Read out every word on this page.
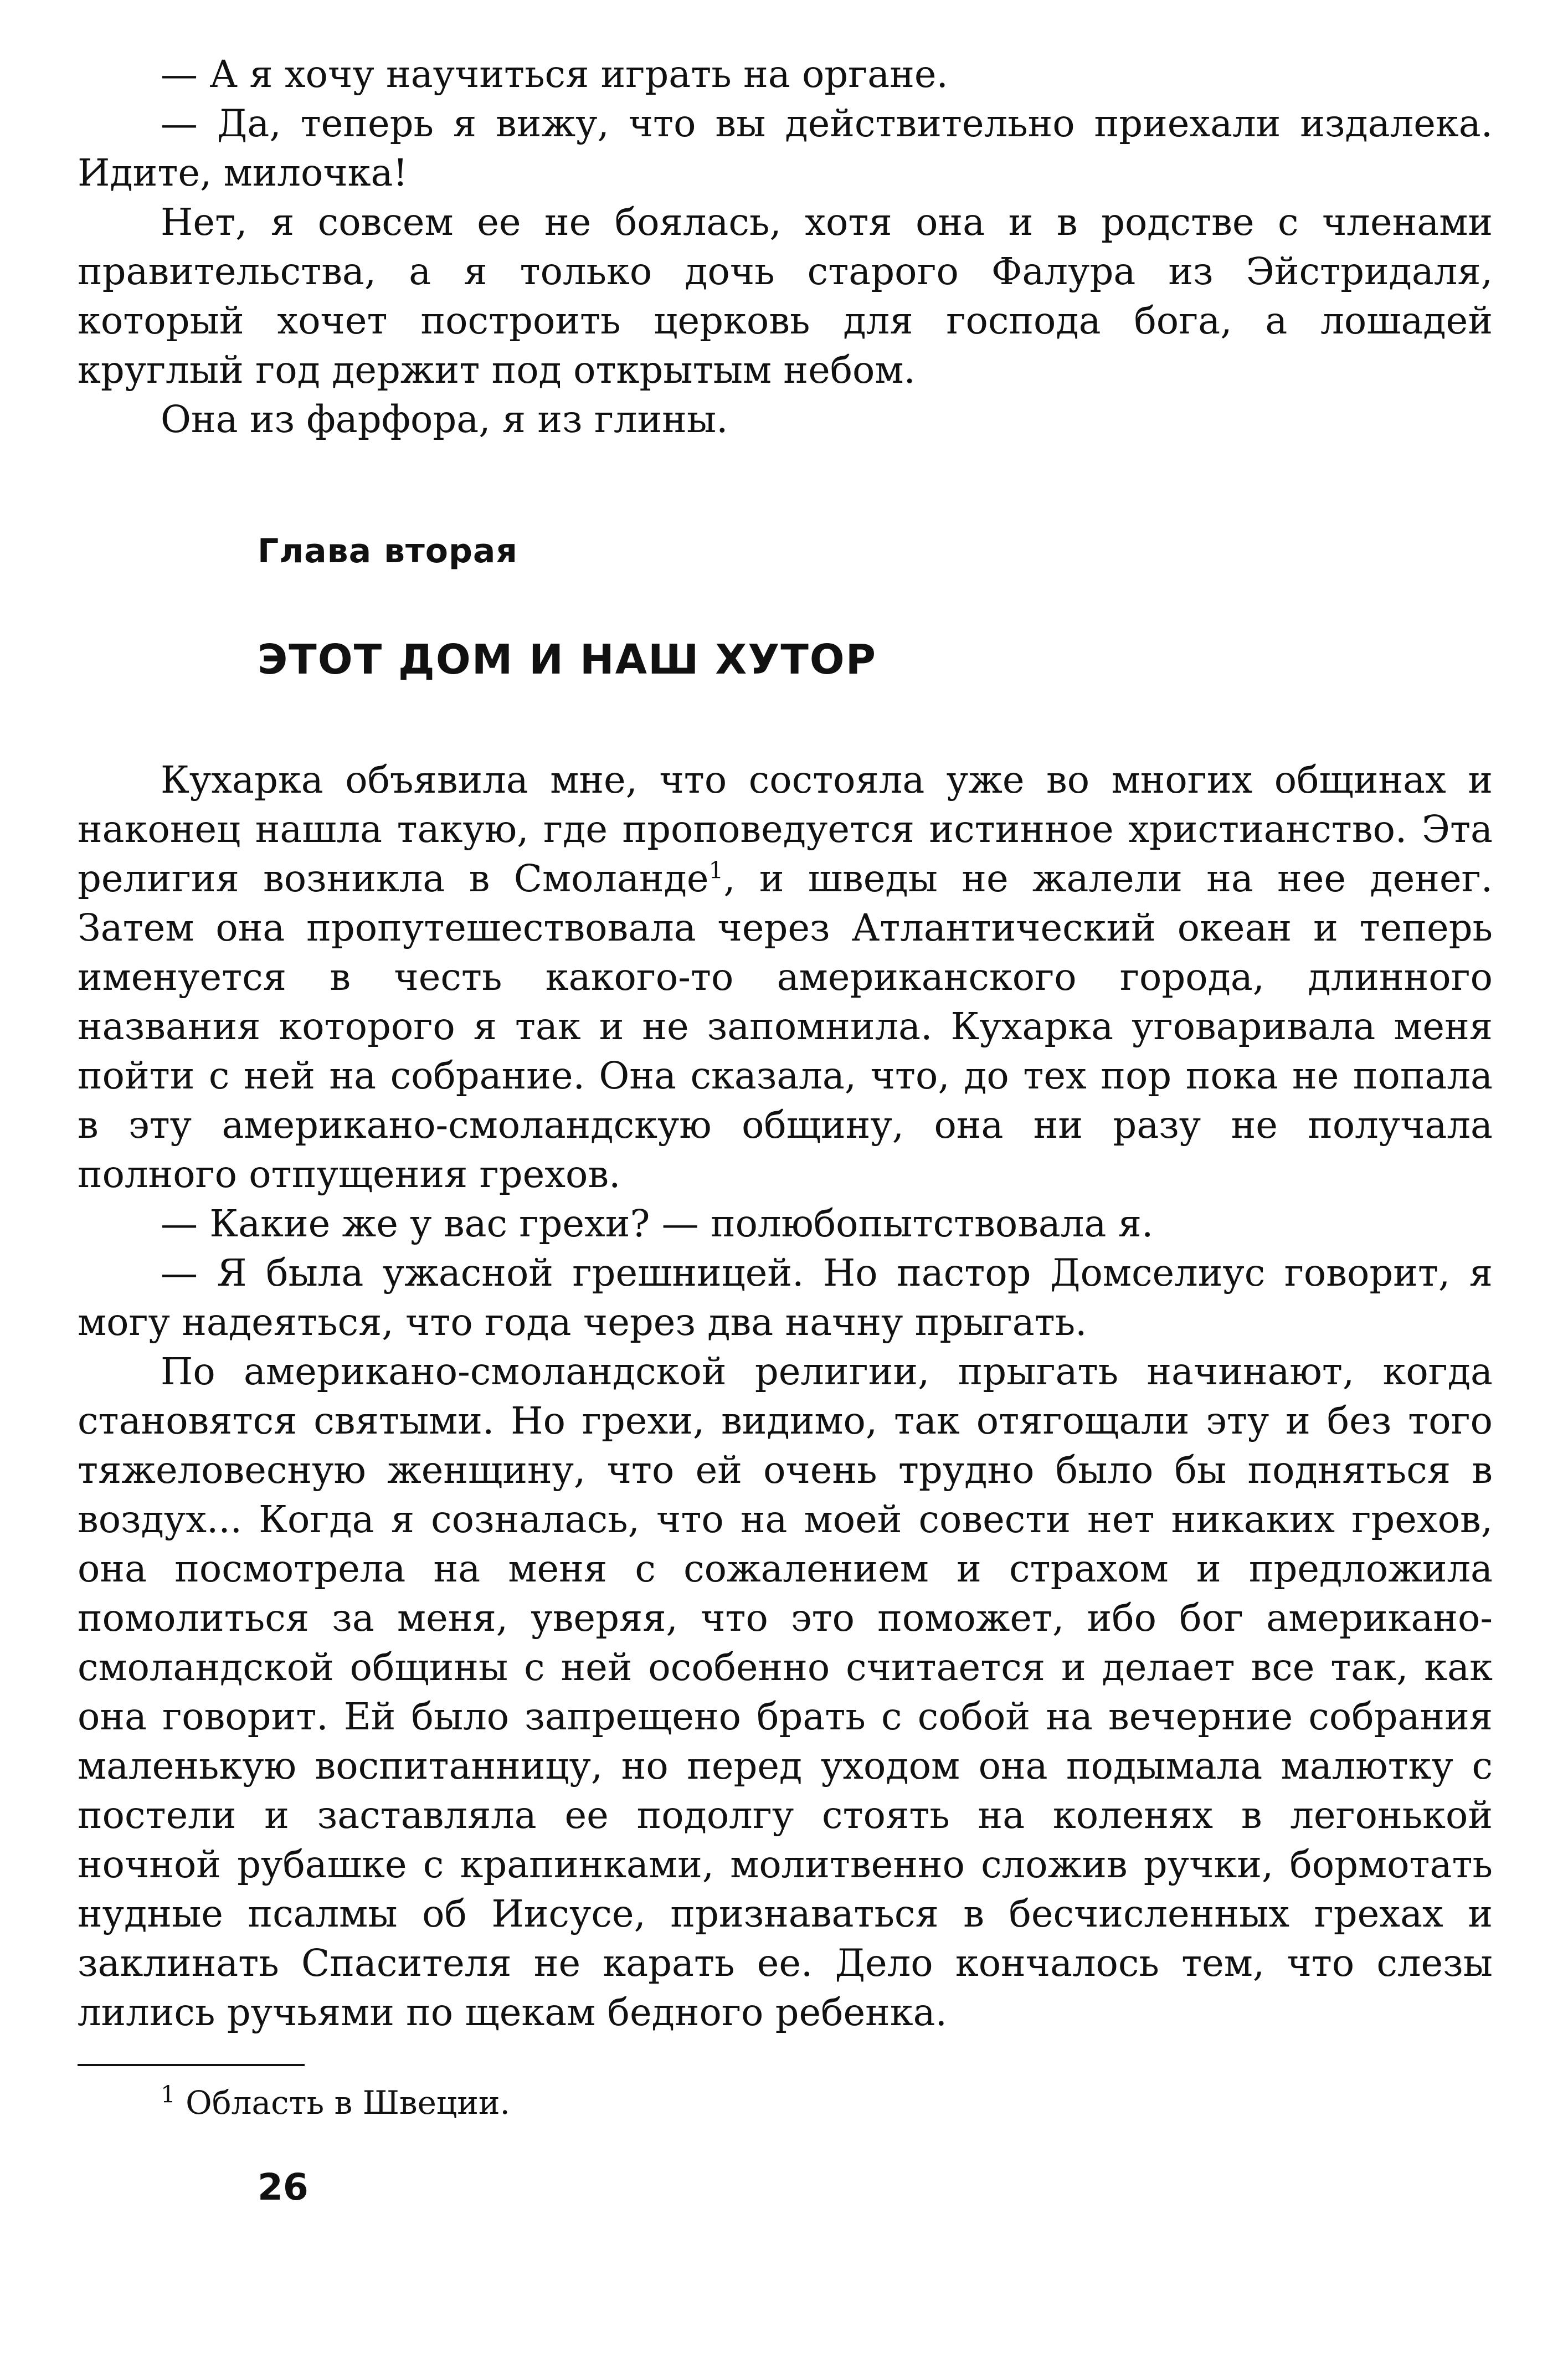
— А я хочу научиться играть на органе.

— Да, теперь я вижу, что вы действительно приехали издалека. Идите, милочка!

Нет, я совсем ее не боялась, хотя она и в родстве с членами правительства, а я только дочь старого Фалура из Эйстридаля, который хочет построить церковь для господа бога, а лошадей круглый год держит под открытым небом.

Она из фарфора, я из глины.

Глава вторая
ЭТОТ ДОМ И НАШ ХУТОР

Кухарка объявила мне, что состояла уже во многих общинах и наконец нашла такую, где проповедуется истинное христианство. Эта религия возникла в Смоланде$^1$, и шведы не жалели на нее денег. Затем она пропутешествовала через Атлантический океан и теперь именуется в честь какого-то американского города, длинного названия которого я так и не запомнила. Кухарка уговаривала меня пойти с ней на собрание. Она сказала, что, до тех пор пока не попала в эту американо-смоландскую общину, она ни разу не получала полного отпущения грехов.

— Какие же у вас грехи? — полюбопытствовала я.

— Я была ужасной грешницей. Но пастор Домселиус говорит, я могу надеяться, что года через два начну прыгать.

По американо-смоландской религии, прыгать начинают, когда становятся святыми. Но грехи, видимо, так отягощали эту и без того тяжеловесную женщину, что ей очень трудно было бы подняться в воздух... Когда я созналась, что на моей совести нет никаких грехов, она посмотрела на меня с сожалением и страхом и предложила помолиться за меня, уверяя, что это поможет, ибо бог американо-смоландской общины с ней особенно считается и делает все так, как она говорит. Ей было запрещено брать с собой на вечерние собрания маленькую воспитанницу, но перед уходом она подымала малютку с постели и заставляла ее подолгу стоять на коленях в легонькой ночной рубашке с крапинками, молитвенно сложив ручки, бормотать нудные псалмы об Иисусе, признаваться в бесчисленных грехах и заклинать Спасителя не карать ее. Дело кончалось тем, что слезы лились ручьями по щекам бедного ребенка.

$^1$ Область в Швеции.

26
